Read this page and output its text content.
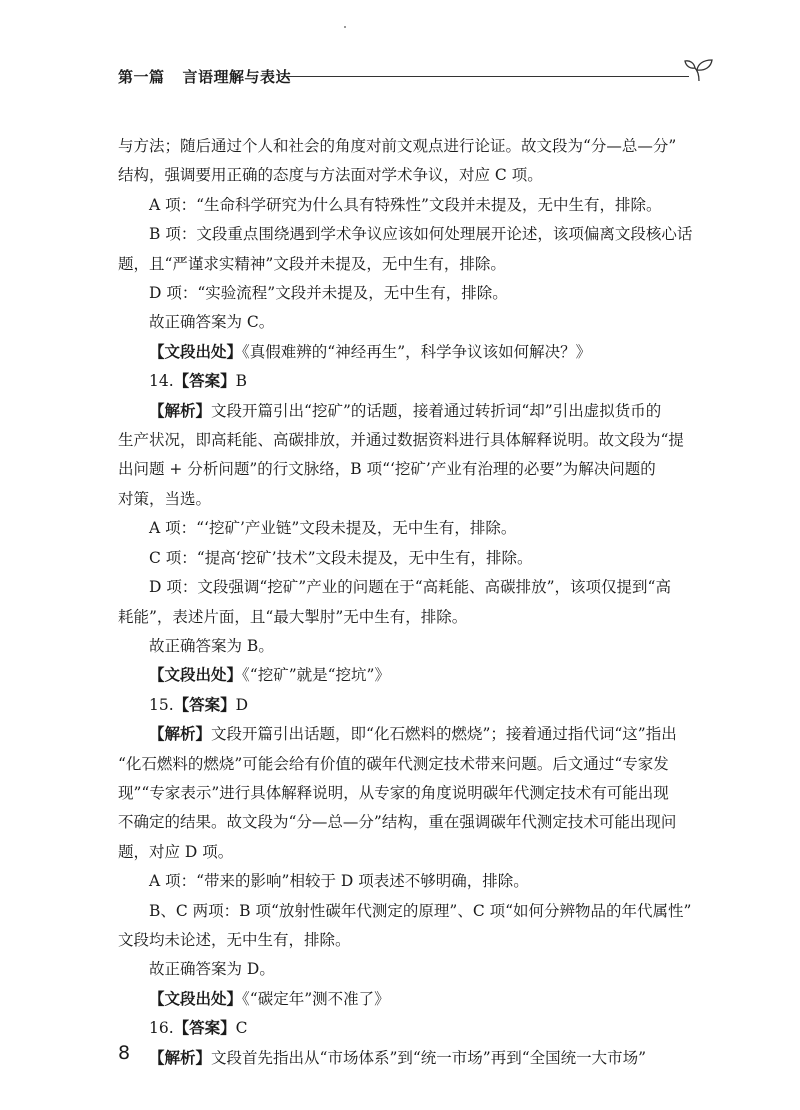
第一篇 言语理解与表达

与方法；随后通过个人和社会的角度对前文观点进行论证。故文段为“分—总—分”
结构，强调要用正确的态度与方法面对学术争议，对应 C 项。

A 项：“生命科学研究为什么具有特殊性”文段并未提及，无中生有，排除。

B 项：文段重点围绕遇到学术争议应该如何处理展开论述，该项偏离文段核心话

题，且“严谨求实精神”文段并未提及，无中生有，排除。

D 项：“实验流程”文段并未提及，无中生有，排除。

故正确答案为 C。

【文段出处】《真假难辨的“神经再生”，科学争议该如何解决？》

14.【答案】B

【解析】文段开篇引出“挖矿”的话题，接着通过转折词“却”引出虚拟货币的

生产状况，即高耗能、高碳排放，并通过数据资料进行具体解释说明。故文段为“提
出问题 + 分析问题”的行文脉络，B 项“‘挖矿’产业有治理的必要”为解决问题的
对策，当选。

A 项：“‘挖矿’产业链”文段未提及，无中生有，排除。

C 项：“提高‘挖矿’技术”文段未提及，无中生有，排除。

D 项：文段强调“挖矿”产业的问题在于“高耗能、高碳排放”，该项仅提到“高

耗能”，表述片面，且“最大掣肘”无中生有，排除。

故正确答案为 B。

【文段出处】《“挖矿”就是“挖坑”》

15.【答案】D

【解析】文段开篇引出话题，即“化石燃料的燃烧”；接着通过指代词“这”指出

“化石燃料的燃烧”可能会给有价值的碳年代测定技术带来问题。后文通过“专家发
现”“专家表示”进行具体解释说明，从专家的角度说明碳年代测定技术有可能出现
不确定的结果。故文段为“分—总—分”结构，重在强调碳年代测定技术可能出现问
题，对应 D 项。

A 项：“带来的影响”相较于 D 项表述不够明确，排除。

B、C 两项：B 项“放射性碳年代测定的原理”、C 项“如何分辨物品的年代属性”

文段均未论述，无中生有，排除。

故正确答案为 D。

【文段出处】《“碳定年”测不准了》

16.【答案】C

【解析】文段首先指出从“市场体系”到“统一市场”再到“全国统一大市场”

8
